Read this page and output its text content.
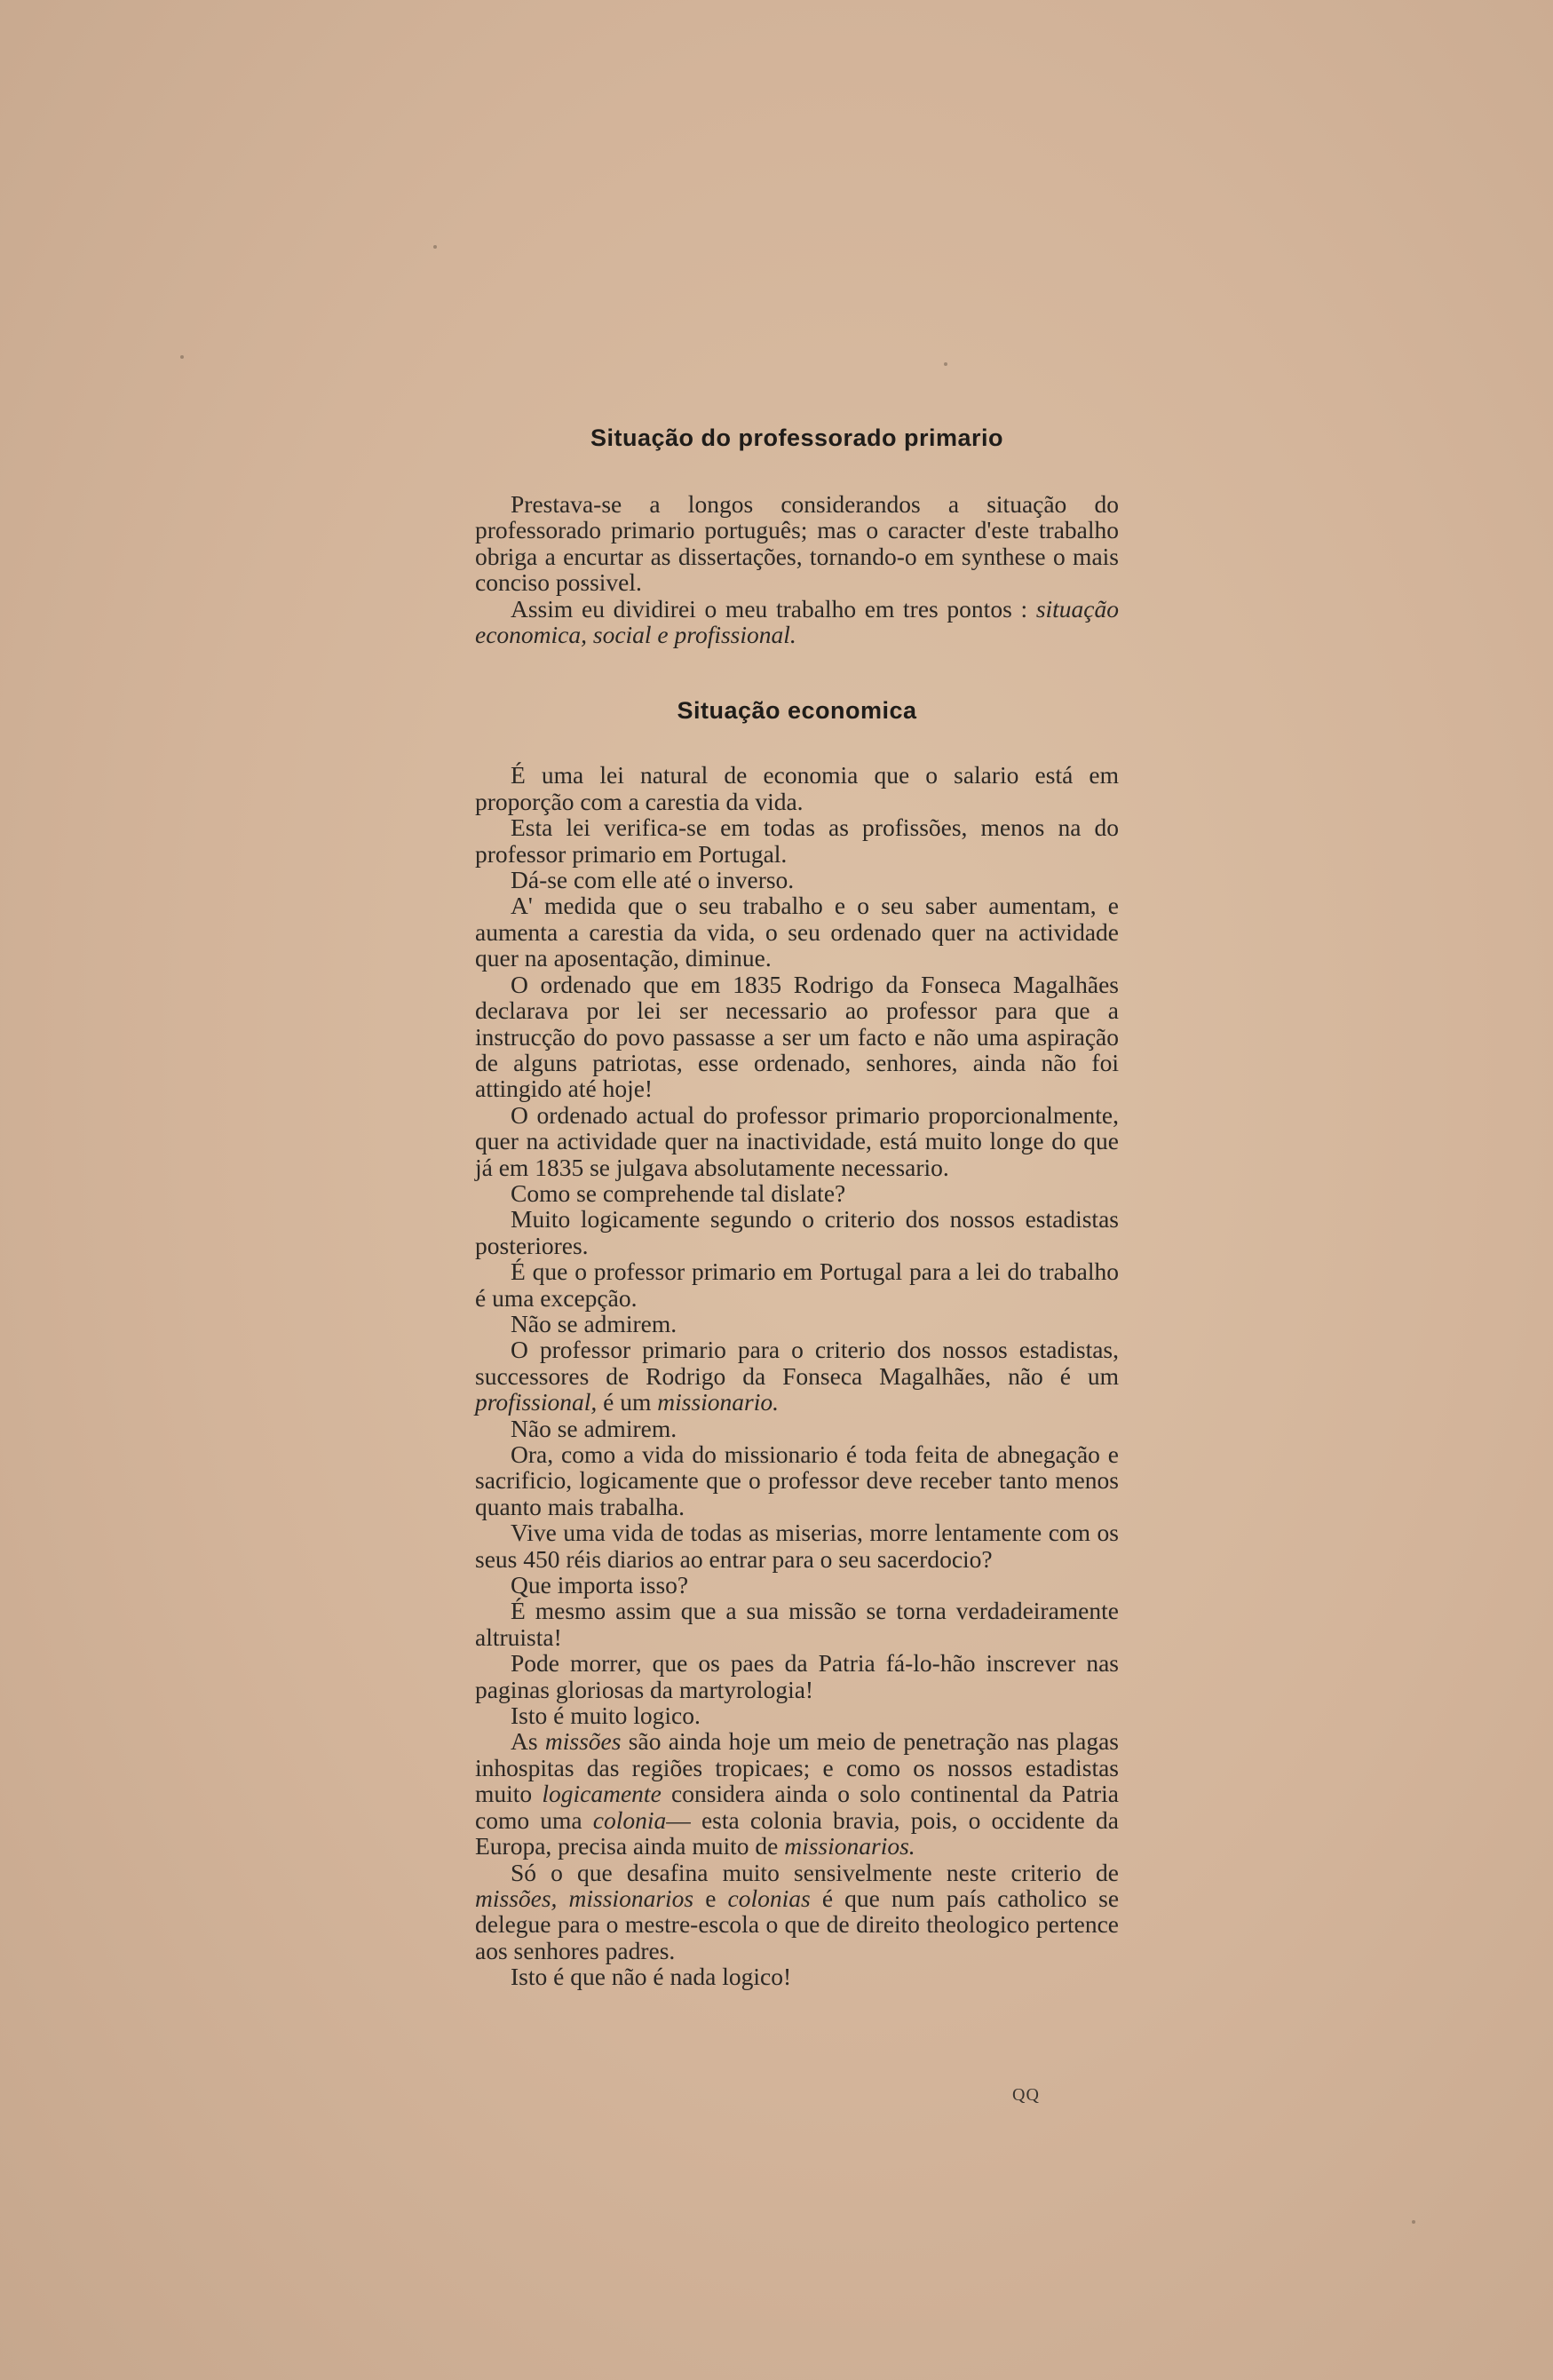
Situação do professorado primario

Prestava-se a longos considerandos a situação do professorado primario português; mas o caracter d'este trabalho obriga a encurtar as dissertações, tornando-o em synthese o mais conciso possivel.

Assim eu dividirei o meu trabalho em tres pontos : situação economica, social e profissional.

Situação economica

É uma lei natural de economia que o salario está em proporção com a carestia da vida.

Esta lei verifica-se em todas as profissões, menos na do professor primario em Portugal.

Dá-se com elle até o inverso.

A' medida que o seu trabalho e o seu saber aumentam, e aumenta a carestia da vida, o seu ordenado quer na actividade quer na aposentação, diminue.

O ordenado que em 1835 Rodrigo da Fonseca Magalhães declarava por lei ser necessario ao professor para que a instrucção do povo passasse a ser um facto e não uma aspiração de alguns patriotas, esse ordenado, senhores, ainda não foi attingido até hoje!

O ordenado actual do professor primario proporcionalmente, quer na actividade quer na inactividade, está muito longe do que já em 1835 se julgava absolutamente necessario.

Como se comprehende tal dislate?

Muito logicamente segundo o criterio dos nossos estadistas posteriores.

É que o professor primario em Portugal para a lei do trabalho é uma excepção.

Não se admirem.

O professor primario para o criterio dos nossos estadistas, successores de Rodrigo da Fonseca Magalhães, não é um profissional, é um missionario.

Não se admirem.

Ora, como a vida do missionario é toda feita de abnegação e sacrificio, logicamente que o professor deve receber tanto menos quanto mais trabalha.

Vive uma vida de todas as miserias, morre lentamente com os seus 450 réis diarios ao entrar para o seu sacerdocio?

Que importa isso?

É mesmo assim que a sua missão se torna verdadeiramente altruista!

Pode morrer, que os paes da Patria fá-lo-hão inscrever nas paginas gloriosas da martyrologia!

Isto é muito logico.

As missões são ainda hoje um meio de penetração nas plagas inhospitas das regiões tropicaes; e como os nossos estadistas muito logicamente considera ainda o solo continental da Patria como uma colonia— esta colonia bravia, pois, o occidente da Europa, precisa ainda muito de missionarios.

Só o que desafina muito sensivelmente neste criterio de missões, missionarios e colonias é que num país catholico se delegue para o mestre-escola o que de direito theologico pertence aos senhores padres.

Isto é que não é nada logico!

QQ
